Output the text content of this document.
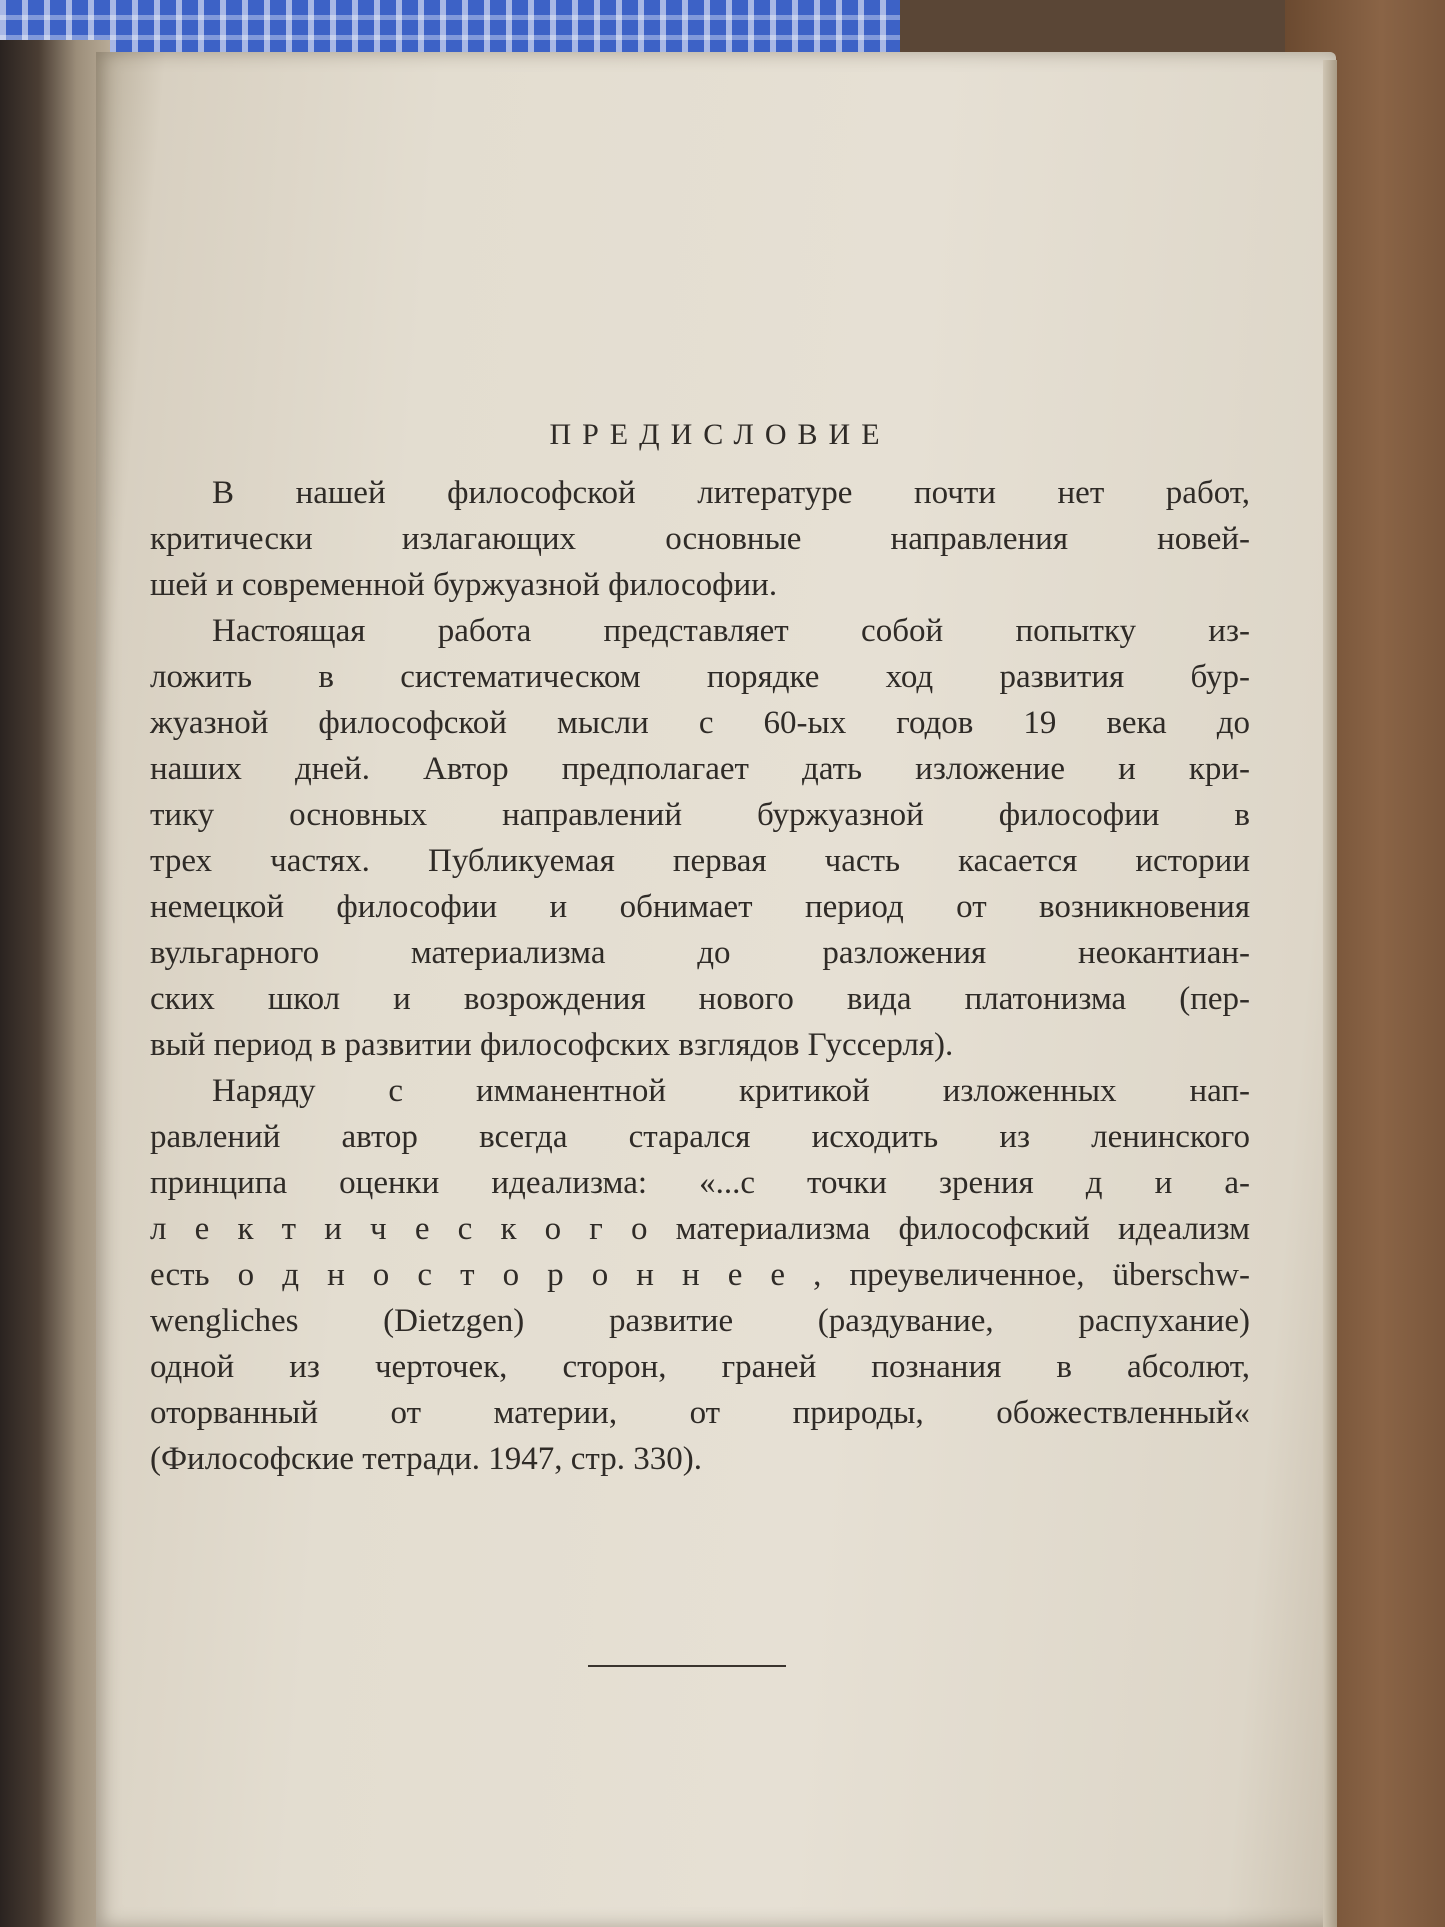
ПРЕДИСЛОВИЕ
В нашей философской литературе почти нет работ,
критически излагающих основные направления новей-
шей и современной буржуазной философии.
Настоящая работа представляет собой попытку из-
ложить в систематическом порядке ход развития бур-
жуазной философской мысли с 60-ых годов 19 века до
наших дней. Автор предполагает дать изложение и кри-
тику основных направлений буржуазной философии в
трех частях. Публикуемая первая часть касается истории
немецкой философии и обнимает период от возникновения
вульгарного материализма до разложения неокантиан-
ских школ и возрождения нового вида платонизма (пер-
вый период в развитии философских взглядов Гуссерля).
Наряду с имманентной критикой изложенных нап-
равлений автор всегда старался исходить из ленинского
принципа оценки идеализма: «...с точки зрения д и а-
л е к т и ч е с к о г о материализма философский идеализм
есть о д н о с т о р о н н е е , преувеличенное, überschw-
wengliches (Dietzgen) развитие (раздувание, распухание)
одной из черточек, сторон, граней познания в абсолют,
оторванный от материи, от природы, обожествленный«
(Философские тетради. 1947, стр. 330).
